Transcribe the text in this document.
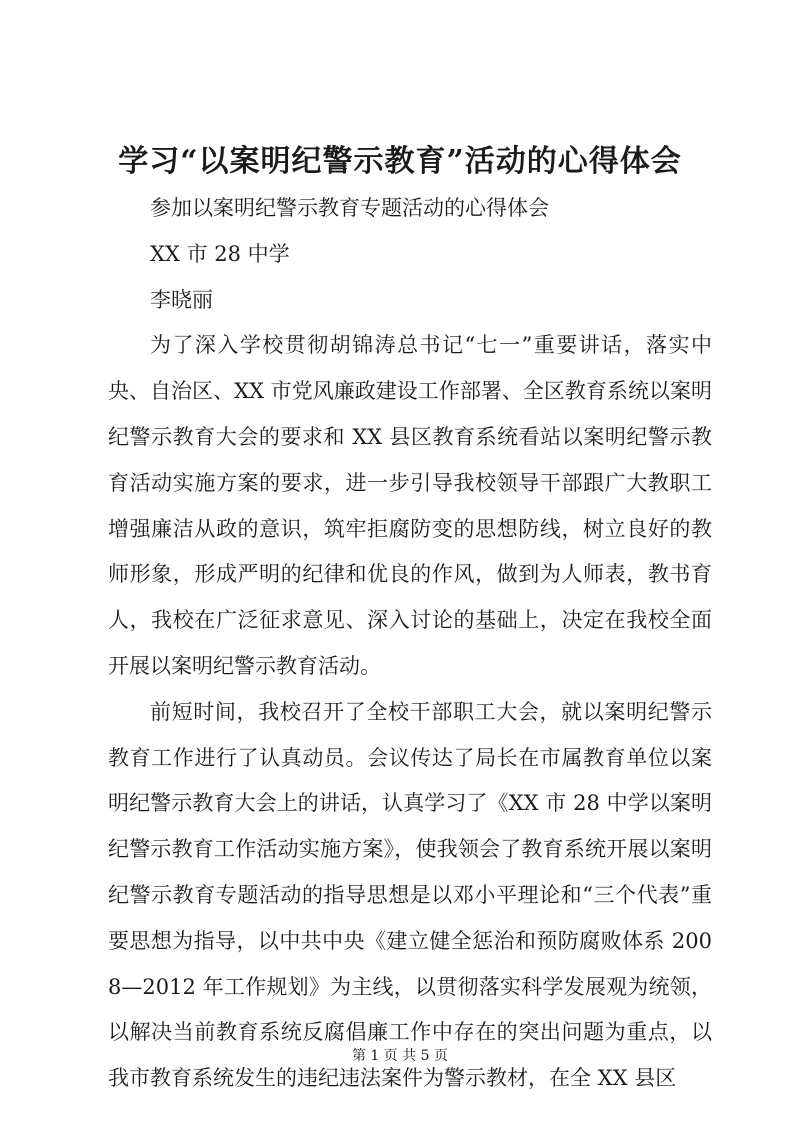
学习“以案明纪警示教育”活动的心得体会

参加以案明纪警示教育专题活动的心得体会

XX 市 28 中学

李晓丽

为了深入学校贯彻胡锦涛总书记“七一”重要讲话，落实中央、自治区、XX 市党风廉政建设工作部署、全区教育系统以案明纪警示教育大会的要求和 XX 县区教育系统看站以案明纪警示教育活动实施方案的要求，进一步引导我校领导干部跟广大教职工增强廉洁从政的意识，筑牢拒腐防变的思想防线，树立良好的教师形象，形成严明的纪律和优良的作风，做到为人师表，教书育人，我校在广泛征求意见、深入讨论的基础上，决定在我校全面开展以案明纪警示教育活动。

前短时间，我校召开了全校干部职工大会，就以案明纪警示教育工作进行了认真动员。会议传达了局长在市属教育单位以案明纪警示教育大会上的讲话，认真学习了《XX 市 28 中学以案明纪警示教育工作活动实施方案》，使我领会了教育系统开展以案明纪警示教育专题活动的指导思想是以邓小平理论和“三个代表”重要思想为指导，以中共中央《建立健全惩治和预防腐败体系 2008—2012 年工作规划》为主线，以贯彻落实科学发展观为统领，以解决当前教育系统反腐倡廉工作中存在的突出问题为重点，以我市教育系统发生的违纪违法案件为警示教材，在全 XX 县区

第 1 页 共 5 页
